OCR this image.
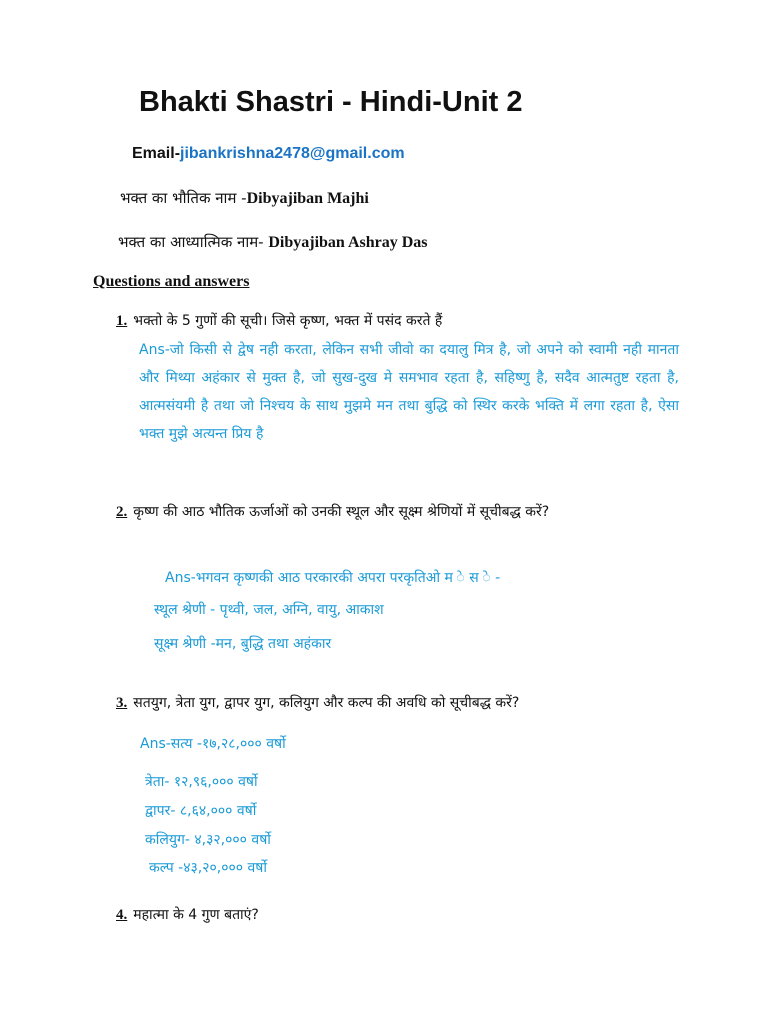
Bhakti Shastri - Hindi-Unit 2
Email-jibankrishna2478@gmail.com
भक्त का भौतिक नाम -Dibyajiban Majhi
भक्त का आध्यात्मिक नाम- Dibyajiban Ashray Das
Questions and answers
1. भक्तो के 5 गुणों की सूची। जिसे कृष्ण, भक्त में पसंद करते हैं
Ans-जो किसी से द्वेष नही करता, लेकिन सभी जीवो का दयालु मित्र है, जो अपने को स्वामी नही मानता और मिथ्या अहंकार से मुक्त है, जो सुख-दुख मे समभाव रहता है, सहिष्णु है, सदैव आत्मतुष्ट रहता है, आत्मसंयमी है तथा जो निश्चय के साथ मुझमे मन तथा बुद्धि को स्थिर करके भक्ति में लगा रहता है, ऐसा भक्त मुझे अत्यन्त प्रिय है
2. कृष्ण की आठ भौतिक ऊर्जाओं को उनकी स्थूल और सूक्ष्म श्रेणियों में सूचीबद्ध करें?
Ans-भगवन कृष्णकी आठ परकारकी अपरा परकृतिओ म े स े -
स्थूल श्रेणी - पृथ्वी, जल, अग्नि, वायु, आकाश
सूक्ष्म श्रेणी -मन, बुद्धि तथा अहंकार
3. सतयुग, त्रेता युग, द्वापर युग, कलियुग और कल्प की अवधि को सूचीबद्ध करें?
Ans-सत्य -१७,२८,००० वर्षो
त्रेता- १२,९६,००० वर्षो
द्वापर- ८,६४,००० वर्षो
कलियुग- ४,३२,००० वर्षो
कल्प -४३,२०,००० वर्षो
4. महात्मा के 4 गुण बताएं?
